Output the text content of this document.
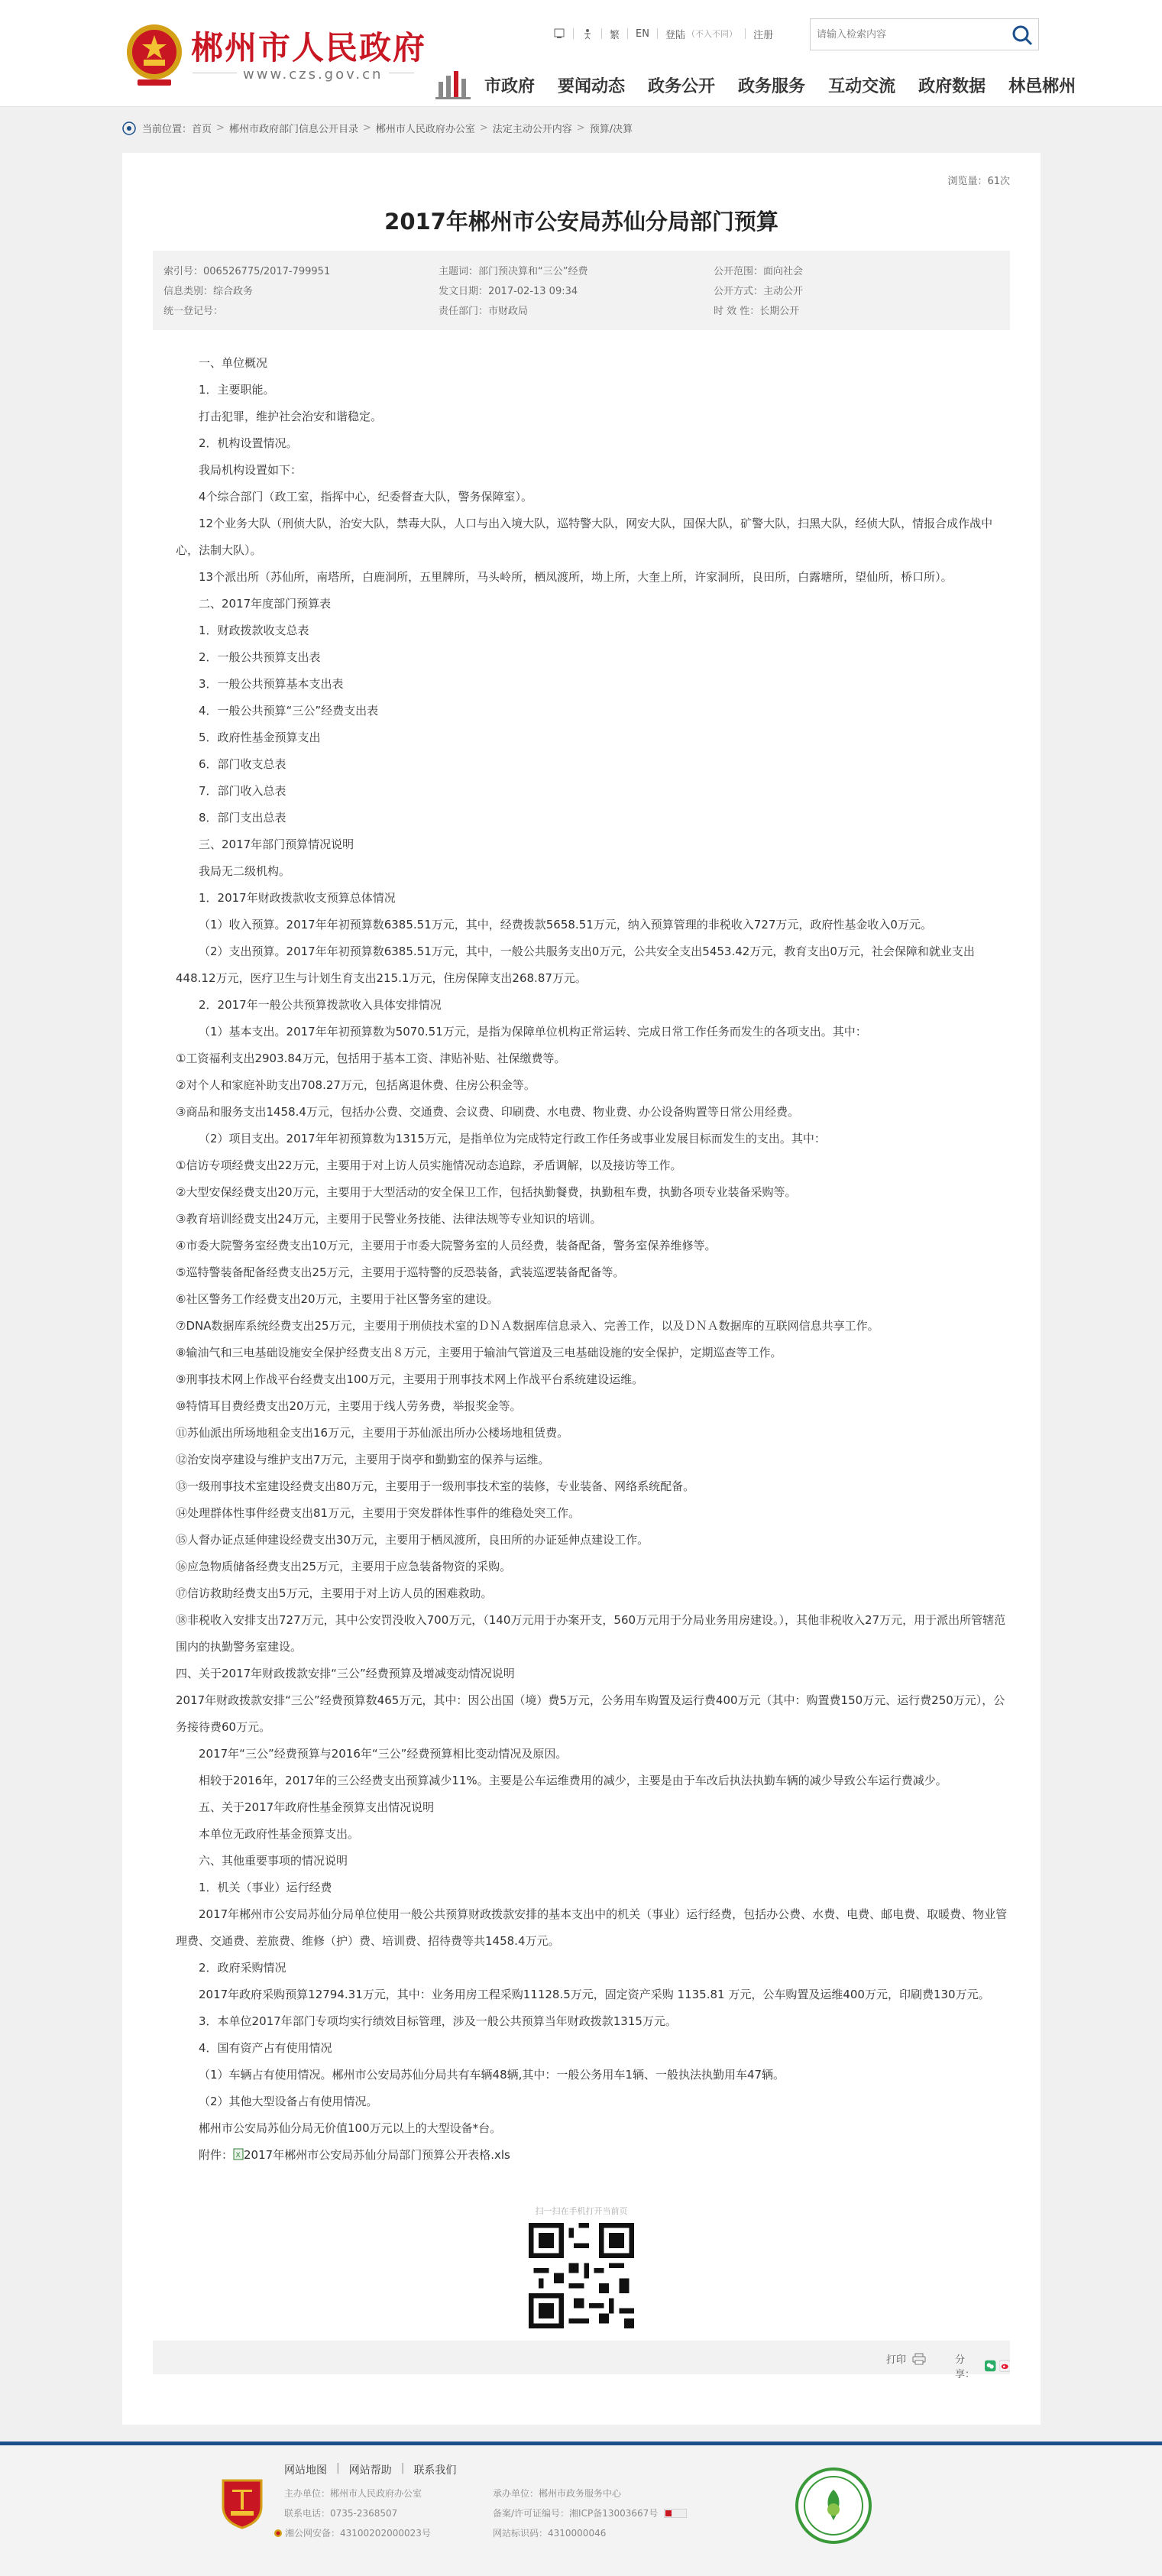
郴州市人民政府
www.czs.gov.cn
繁 EN 登陆 （不入不同） 注册
请输入检索内容
市政府 要闻动态 政务公开 政务服务 互动交流 政府数据 林邑郴州
当前位置： 首页 > 郴州市政府部门信息公开目录 > 郴州市人民政府办公室 > 法定主动公开内容 > 预算/决算
浏览量：61次
2017年郴州市公安局苏仙分局部门预算
索引号：006526775/2017-799951
信息类别：综合政务
统一登记号：
主题词：部门预决算和“三公”经费
发文日期：2017-02-13 09:34
责任部门：市财政局
公开范围：面向社会
公开方式：主动公开
时 效 性：长期公开

一、单位概况

1．主要职能。

打击犯罪，维护社会治安和谐稳定。

2．机构设置情况。

我局机构设置如下：

4个综合部门（政工室，指挥中心，纪委督查大队，警务保障室）。

12个业务大队（刑侦大队，治安大队，禁毒大队，人口与出入境大队，巡特警大队，网安大队，国保大队，矿警大队，扫黑大队，经侦大队，情报合成作战中心，法制大队）。

13个派出所（苏仙所，南塔所，白鹿洞所，五里牌所，马头岭所，栖凤渡所，坳上所，大奎上所，许家洞所，良田所，白露塘所，望仙所，桥口所）。

二、2017年度部门预算表

1．财政拨款收支总表

2．一般公共预算支出表

3．一般公共预算基本支出表

4．一般公共预算“三公”经费支出表

5．政府性基金预算支出

6．部门收支总表

7．部门收入总表

8．部门支出总表

三、2017年部门预算情况说明

我局无二级机构。

1．2017年财政拨款收支预算总体情况

（1）收入预算。2017年年初预算数6385.51万元，其中，经费拨款5658.51万元，纳入预算管理的非税收入727万元，政府性基金收入0万元。

（2）支出预算。2017年年初预算数6385.51万元，其中，一般公共服务支出0万元，公共安全支出5453.42万元，教育支出0万元，社会保障和就业支出448.12万元，医疗卫生与计划生育支出215.1万元，住房保障支出268.87万元。

2．2017年一般公共预算拨款收入具体安排情况

（1）基本支出。2017年年初预算数为5070.51万元，是指为保障单位机构正常运转、完成日常工作任务而发生的各项支出。其中：

①工资福利支出2903.84万元，包括用于基本工资、津贴补贴、社保缴费等。

②对个人和家庭补助支出708.27万元，包括离退休费、住房公积金等。

③商品和服务支出1458.4万元，包括办公费、交通费、会议费、印刷费、水电费、物业费、办公设备购置等日常公用经费。

（2）项目支出。2017年年初预算数为1315万元，是指单位为完成特定行政工作任务或事业发展目标而发生的支出。其中：

①信访专项经费支出22万元，主要用于对上访人员实施情况动态追踪，矛盾调解，以及接访等工作。

②大型安保经费支出20万元，主要用于大型活动的安全保卫工作，包括执勤餐费，执勤租车费，执勤各项专业装备采购等。

③教育培训经费支出24万元，主要用于民警业务技能、法律法规等专业知识的培训。

④市委大院警务室经费支出10万元，主要用于市委大院警务室的人员经费，装备配备，警务室保养维修等。

⑤巡特警装备配备经费支出25万元，主要用于巡特警的反恐装备，武装巡逻装备配备等。

⑥社区警务工作经费支出20万元，主要用于社区警务室的建设。

⑦DNA数据库系统经费支出25万元，主要用于刑侦技术室的ＤＮＡ数据库信息录入、完善工作，以及ＤＮＡ数据库的互联网信息共享工作。

⑧输油气和三电基础设施安全保护经费支出８万元，主要用于输油气管道及三电基础设施的安全保护，定期巡查等工作。

⑨刑事技术网上作战平台经费支出100万元，主要用于刑事技术网上作战平台系统建设运维。

⑩特情耳目费经费支出20万元，主要用于线人劳务费，举报奖金等。

⑪苏仙派出所场地租金支出16万元，主要用于苏仙派出所办公楼场地租赁费。

⑫治安岗亭建设与维护支出7万元，主要用于岗亭和勤勤室的保养与运维。

⑬一级刑事技术室建设经费支出80万元，主要用于一级刑事技术室的装修，专业装备、网络系统配备。

⑭处理群体性事件经费支出81万元，主要用于突发群体性事件的维稳处突工作。

⑮人督办证点延伸建设经费支出30万元，主要用于栖凤渡所，良田所的办证延伸点建设工作。

⑯应急物质储备经费支出25万元，主要用于应急装备物资的采购。

⑰信访救助经费支出5万元，主要用于对上访人员的困难救助。

⑱非税收入安排支出727万元，其中公安罚没收入700万元，（140万元用于办案开支，560万元用于分局业务用房建设。），其他非税收入27万元，用于派出所管辖范围内的执勤警务室建设。

四、关于2017年财政拨款安排“三公”经费预算及增减变动情况说明

2017年财政拨款安排“三公”经费预算数465万元，其中：因公出国（境）费5万元，公务用车购置及运行费400万元（其中：购置费150万元、运行费250万元），公务接待费60万元。

2017年“三公”经费预算与2016年“三公”经费预算相比变动情况及原因。

相较于2016年，2017年的三公经费支出预算减少11%。主要是公车运维费用的减少，主要是由于车改后执法执勤车辆的减少导致公车运行费减少。

五、关于2017年政府性基金预算支出情况说明

本单位无政府性基金预算支出。

六、其他重要事项的情况说明

1．机关（事业）运行经费

2017年郴州市公安局苏仙分局单位使用一般公共预算财政拨款安排的基本支出中的机关（事业）运行经费，包括办公费、水费、电费、邮电费、取暖费、物业管理费、交通费、差旅费、维修（护）费、培训费、招待费等共1458.4万元。

2．政府采购情况

2017年政府采购预算12794.31万元，其中：业务用房工程采购11128.5万元，固定资产采购 1135.81 万元，公车购置及运维400万元，印刷费130万元。

3．本单位2017年部门专项均实行绩效目标管理，涉及一般公共预算当年财政拨款1315万元。

4．国有资产占有使用情况

（1）车辆占有使用情况。郴州市公安局苏仙分局共有车辆48辆,其中：一般公务用车1辆、一般执法执勤用车47辆。

（2）其他大型设备占有使用情况。

郴州市公安局苏仙分局无价值100万元以上的大型设备*台。

附件： X 2017年郴州市公安局苏仙分局部门预算公开表格.xls

扫一扫在手机打开当前页
打印	分享：
网站地图 | 网站帮助 | 联系我们
主办单位：郴州市人民政府办公室
联系电话：0735-2368507
湘公网安备：43100202000023号
承办单位：郴州市政务服务中心
备案/许可证编号：湘ICP备13003667号
网站标识码：4310000046
